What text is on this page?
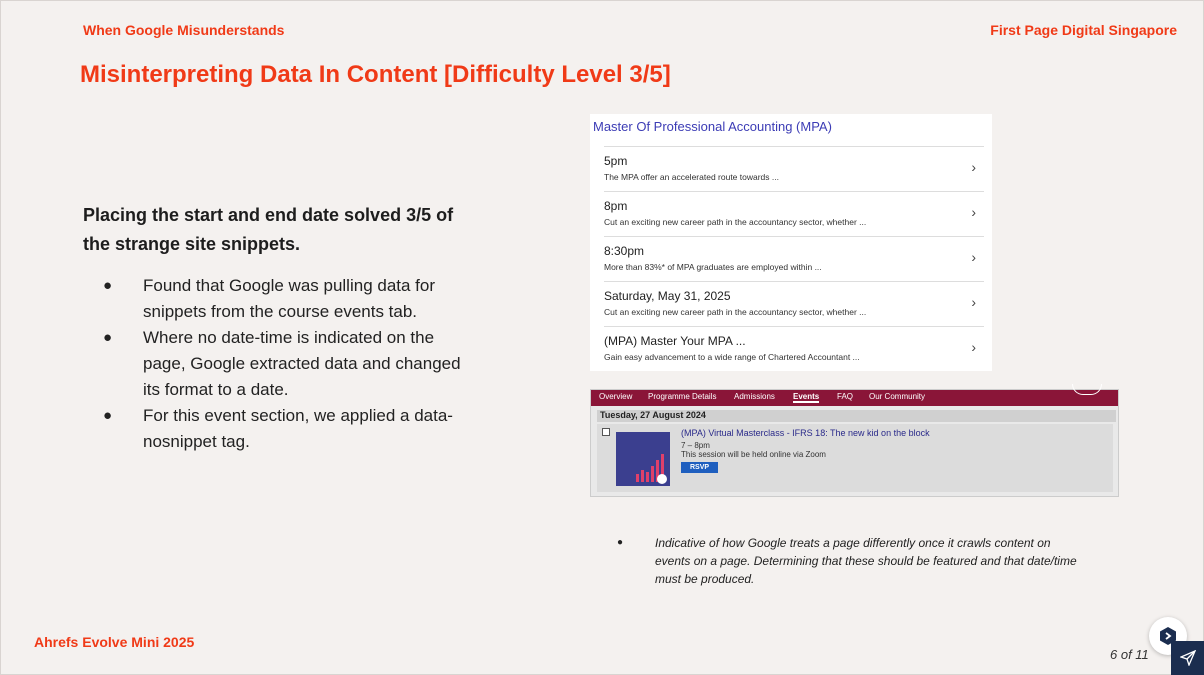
When Google Misunderstands	First Page Digital Singapore
Misinterpreting Data In Content [Difficulty Level 3/5]
Placing the start and end date solved 3/5 of the strange site snippets.
● Found that Google was pulling data for snippets from the course events tab.
● Where no date-time is indicated on the page, Google extracted data and changed its format to a date.
● For this event section, we applied a data-nosnippet tag.
Master Of Professional Accounting (MPA)
5pm
The MPA offer an accelerated route towards ...
›
8pm
Cut an exciting new career path in the accountancy sector, whether ...
›
8:30pm
More than 83%* of MPA graduates are employed within ...
›
Saturday, May 31, 2025
Cut an exciting new career path in the accountancy sector, whether ...
›
(MPA) Master Your MPA ...
Gain easy advancement to a wide range of Chartered Accountant ...
›
Overview Programme Details Admissions Events FAQ Our Community
Tuesday, 27 August 2024
(MPA) Virtual Masterclass - IFRS 18: The new kid on the block
7 – 8pm
This session will be held online via Zoom
RSVP
●	Indicative of how Google treats a page differently once it crawls content on events on a page. Determining that these should be featured and that date/time must be produced.
Ahrefs Evolve Mini 2025
6 of 11
